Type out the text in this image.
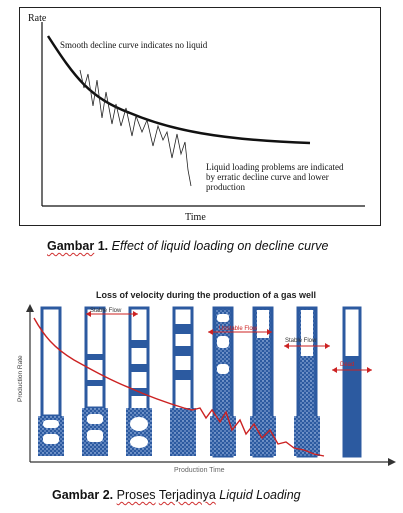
Rate
Time
Smooth decline curve indicates no liquid
Liquid loading problems are indicated
by erratic decline curve and lower
production
Gambar 1. Effect of liquid loading on decline curve
Loss of velocity during the production of a gas well
Production Rate
Production Time
Stable Flow
Unstable Flow
Stable Flow
Dead
Gambar 2. Proses Terjadinya Liquid Loading
